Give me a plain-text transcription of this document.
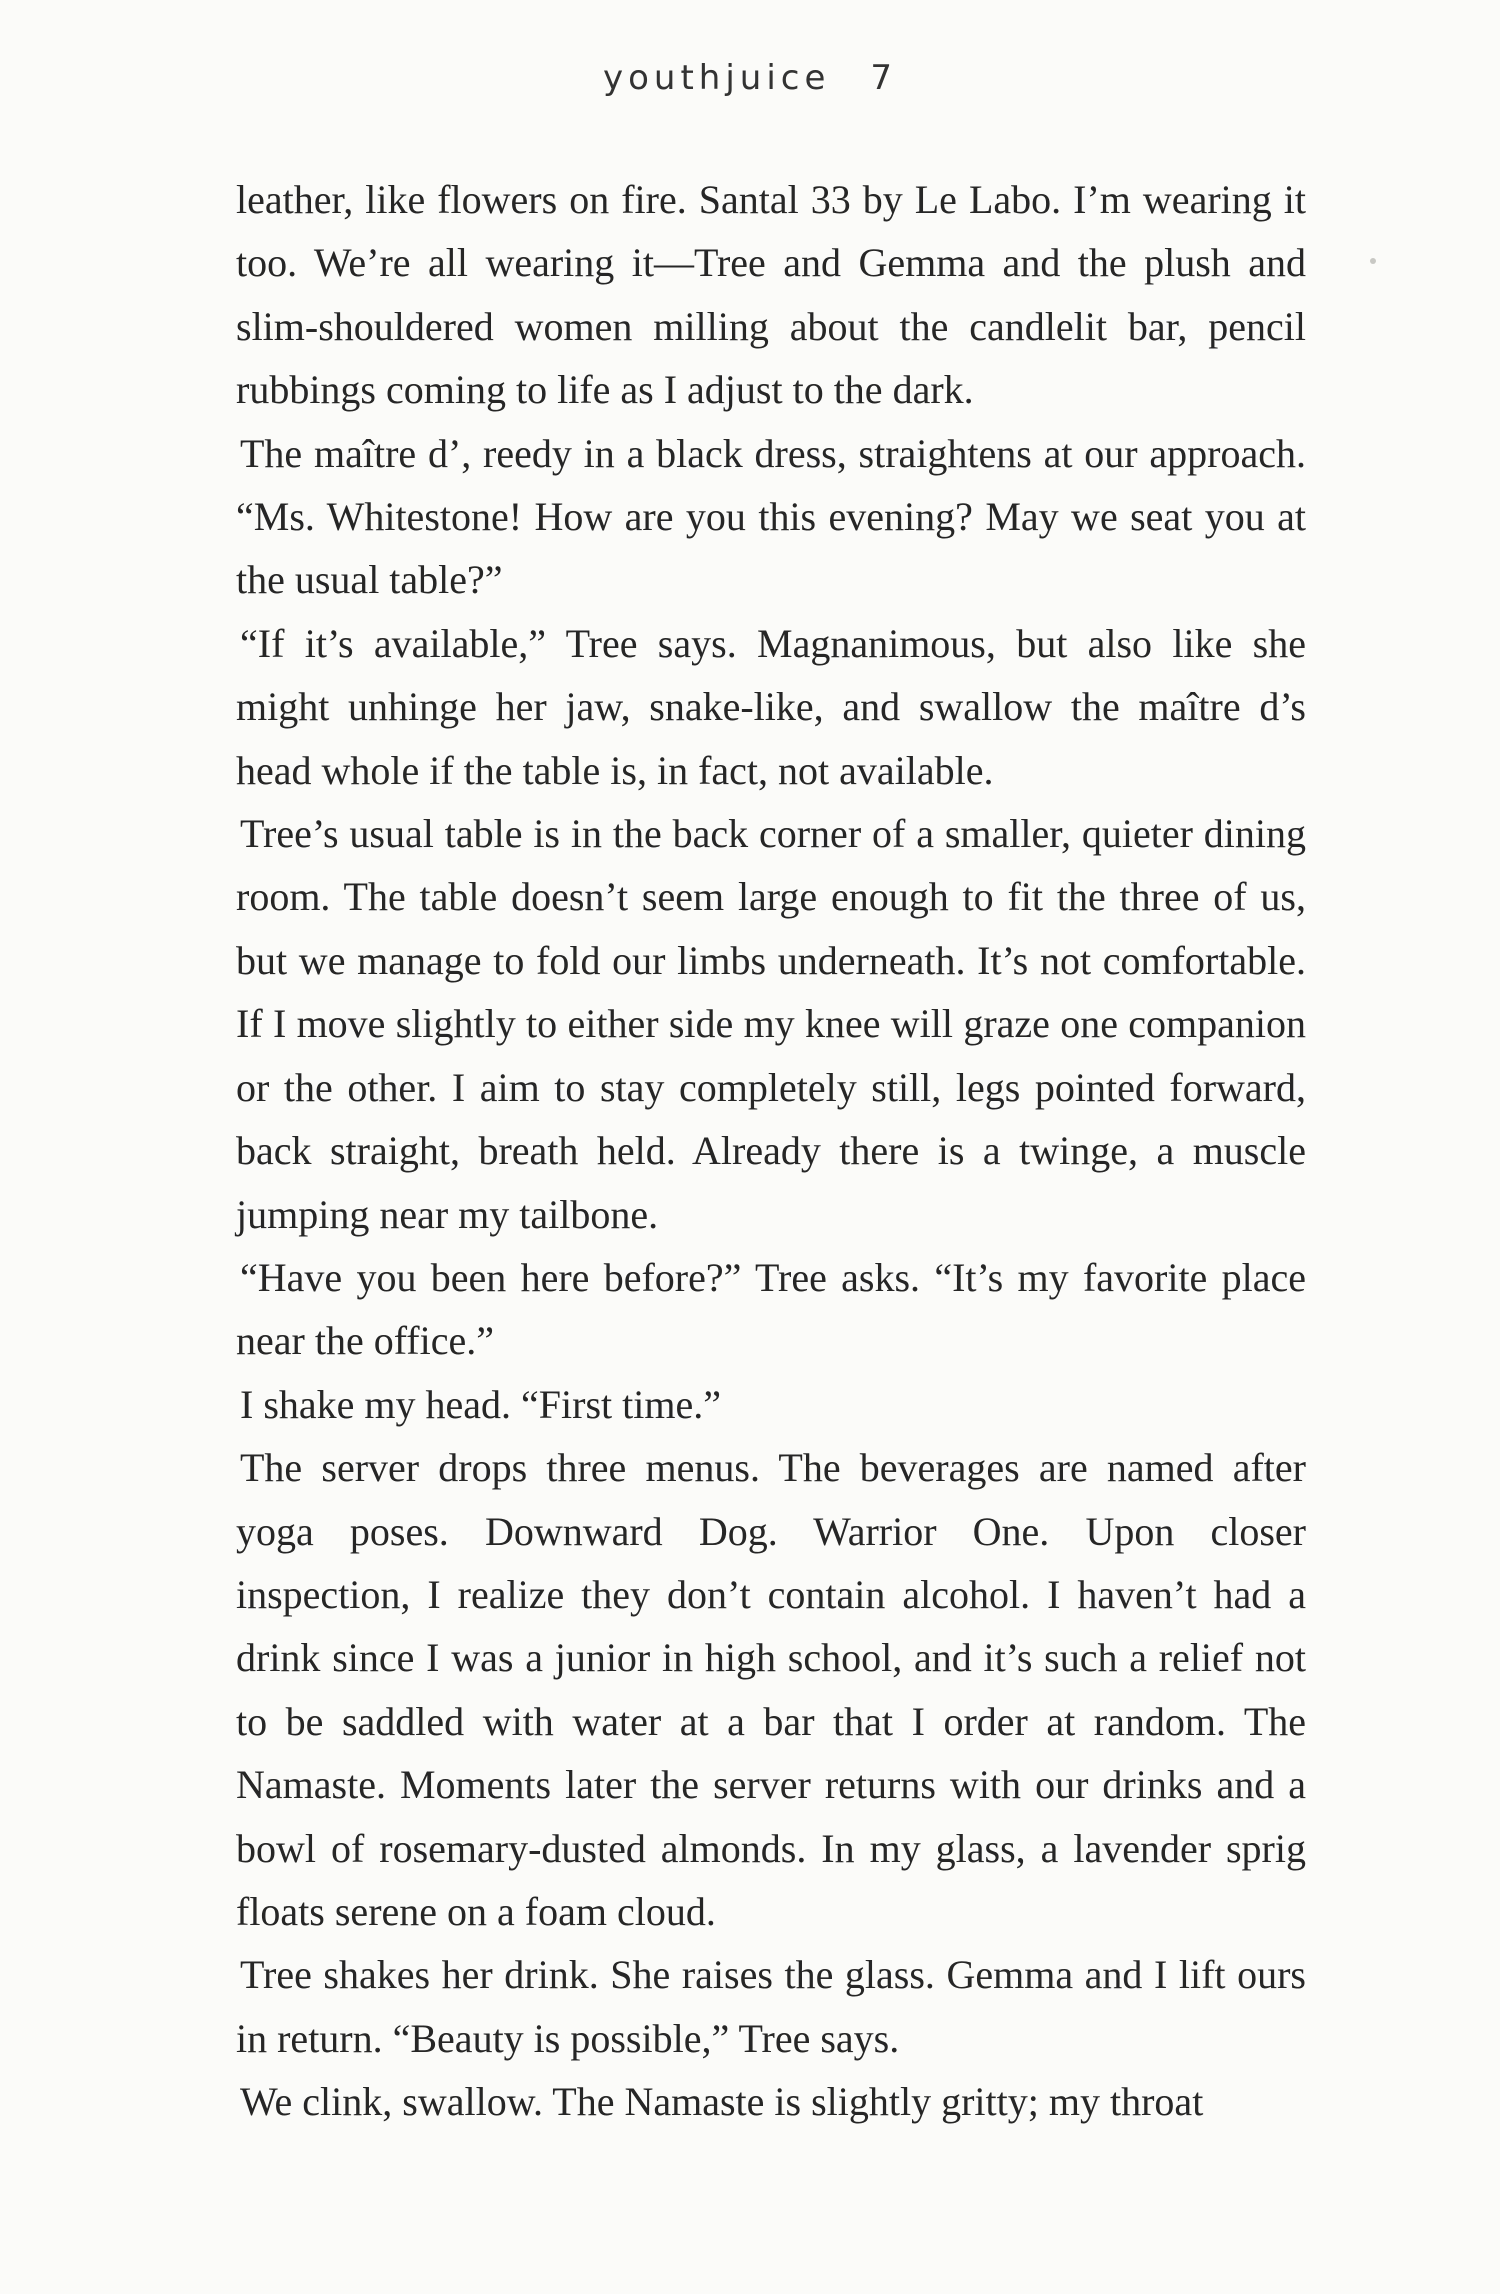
youthjuice 7

leather, like flowers on fire. Santal 33 by Le Labo. I’m wearing it too. We’re all wearing it—Tree and Gemma and the plush and slim-shouldered women milling about the candlelit bar, pencil rubbings coming to life as I adjust to the dark.

The maître d’, reedy in a black dress, straightens at our approach. “Ms. Whitestone! How are you this evening? May we seat you at the usual table?”

“If it’s available,” Tree says. Magnanimous, but also like she might unhinge her jaw, snake-like, and swallow the maître d’s head whole if the table is, in fact, not available.

Tree’s usual table is in the back corner of a smaller, quieter dining room. The table doesn’t seem large enough to fit the three of us, but we manage to fold our limbs underneath. It’s not comfortable. If I move slightly to either side my knee will graze one companion or the other. I aim to stay completely still, legs pointed forward, back straight, breath held. Already there is a twinge, a muscle jumping near my tailbone.

“Have you been here before?” Tree asks. “It’s my favorite place near the office.”

I shake my head. “First time.”

The server drops three menus. The beverages are named after yoga poses. Downward Dog. Warrior One. Upon closer inspection, I realize they don’t contain alcohol. I haven’t had a drink since I was a junior in high school, and it’s such a relief not to be saddled with water at a bar that I order at random. The Namaste. Moments later the server returns with our drinks and a bowl of rosemary-dusted almonds. In my glass, a lavender sprig floats serene on a foam cloud.

Tree shakes her drink. She raises the glass. Gemma and I lift ours in return. “Beauty is possible,” Tree says.

We clink, swallow. The Namaste is slightly gritty; my throat
